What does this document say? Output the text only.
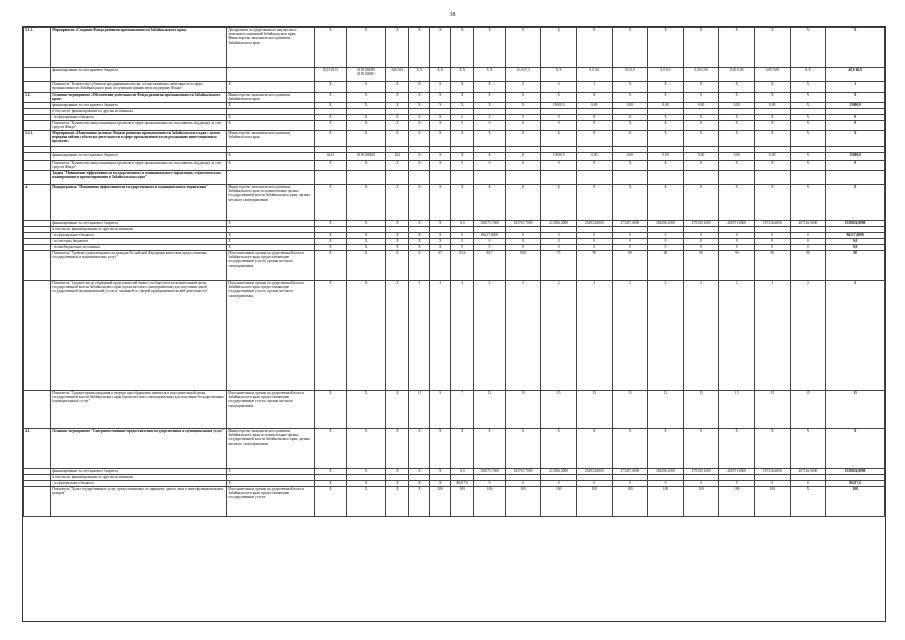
38
3.1.1.	Мероприятие «Создание Фонда развития промышленности Забайкальского края»	Департамент государственного имущества и земельных отношений Забайкальского края; Министерство экономического развития Забайкальского края	X	X	X	X	X	X	X	X	X	X	X	X	X	X	X	X	X
	финансирование за счет краевого бюджета		0113 0113	0150106090 0150106091	630 633	X X	X X	X X	X X	13,0 67,3	X X	0,0 0,0	0,0 0,0	0,0 0,0	0,00 0,00	0,00 0,00	0,00 0,00	X X	40,0 40,0
	Показатель "Количество субъектов предпринимательства, осуществляющих деятельность в сфере промышленности Забайкальского края, получивших финансовую поддержку Фонда"	X	X	X	X	X	X	X	X	0	0	1	X	X	X	X	X	X	1
3.2.	Основное мероприятие «Обеспечение деятельности Фонда развития промышленности Забайкальского края»	Министерство экономического развития Забайкальского края	X	X	X	X	X	X	X	X	X	X	X	X	X	X	X	X	X
	финансирование за счет краевого бюджета	X	X	X	X	X	X	X	X	X	15000,0	0,00	0,00	0,00	0,00	0,00	0,00	X	15000,0
	в том числе: финансирование по другим источникам																		
	- из федерального бюджета	X	X	X	X	X	X	0	0	0	0	X	X	X	X	X	X	X	0
	Показатель "Количество инвестиционных проектов в сфере промышленности, получивших поддержку за счет средств Фонда"	X	X	X	X	X	X	0	0	0	0	X	X	X	X	X	X	X	0
3.2.1.	Мероприятие «Наполнение целевых Фондов развития промышленности Забайкальского края с целью передачи займов субъектам деятельности в сфере промышленности на реализацию инвестиционных проектов»	Министерство экономического развития Забайкальского края	X	X	X	X	X	X	X	X	X	X	X	X	X	X	X	X	X

	финансирование за счет краевого бюджета	X	0412	0150106820	632	X	X	X	X	X	15000,0	0,00	0,00	0,00	0,00	0,00	0,00	X	15000,0
	Показатель "Количество инвестиционных проектов в сфере промышленности, получивших поддержку за счет средств Фонда"	X	X	X	X	X	X	0	0	0	0	X	X	X	X	X	X	X	0
	Задача "Повышение эффективности государственного и муниципального управления, стратегического планирования и прогнозирования в Забайкальском крае"																		
4.	Подпрограмма "Повышение эффективности государственного и муниципального управления"	Министерство экономического развития Забайкальского края, исполнительные органы государственной власти Забайкальского края, органы местного самоуправления	X	X	X	X	X	X	X	X	X	X	X	X	X	X	X	X	X
	финансирование за счет краевого бюджета	X	X	X	X	X	X	0,0	184575,7000	183767,7000	213586,0000	234934,8000	273457,0000	304496,1000	279350,1000	266791,8000	187316,6000	267146,9000	2338656,0000
	в том числе: финансирование по другим источникам																		
	- из федерального бюджета	X	X	X	X	X	X	0	86217,6000	0	0	0	0	0	0	0	0	0	86217,6000
	- из местных бюджетов	X	X	X	X	X	X	0	0	0	0	0	0	0	0	0	0	0	0,0
	- из внебюджетных источников	X	X	X	X	X	X	0	0	0	0	0	0	0	0	0	0	0	0,0
	Показатель "Уровень удовлетворенности граждан Российской Федерации качеством предоставления государственных и муниципальных услуг"	Исполнительные органы государственной власти Забайкальского края, предоставляющие государственные услуги, органы местного самоуправления	X	X	X	X	67	83,6	90,7	90,0	73	90	90	90	90	90	90	90	90
	Показатель "Среднее число обращений представителей бизнес-сообщества в исполнительный орган государственной власти Забайкальского края (орган местного самоуправления) для получения одной государственной (муниципальной) услуги, связанной со сферой предпринимательской деятельности"	Исполнительные органы государственной власти Забайкальского края, предоставляющие государственные услуги, органы местного самоуправления	X	X	X	3	3	2	2	2	2	2	2	2	2	2	2	2	2
	Показатель "Среднее время ожидания в очереди при обращении заявителя в исполнительный орган государственной власти Забайкальского края (орган местного самоуправления) для получения государственных (муниципальных) услуг"	Исполнительные органы государственной власти Забайкальского края, предоставляющие государственные услуги, органы местного самоуправления	X	X	X	11	9	7	15	15	15	15	15	15	15	15	15	15	15
4.1.	Основное мероприятие "Совершенствование предоставления государственных и муниципальных услуг"	Министерство экономического развития Забайкальского края, исполнительные органы государственной власти Забайкальского края, органы местного самоуправления	X	X	X	X	X	X	X	X	X	X	X	X	X	X	X	X	X
	финансирование за счет краевого бюджета	X	X	X	X	X	X	0,0	184575,7000	183767,7000	213586,0000	234934,8000	273457,0000	304496,1000	279350,1000	266791,8000	187316,6000	267146,9000	2338656,0000
	в том числе: финансирование по другим источникам																		
	- из федерального бюджета	X	X	X	X	X	X	86217,6	0	0	0	0	0	0	0	0	0	0	86217,6
	Показатель "Доля государственных услуг, предоставляемых по принципу одного окна в многофункциональных центрах"	Исполнительные органы государственной власти Забайкальского края, предоставляющие государственные услуги	X	X	X	X	100	100	100	100	100	100	100	100	100	100	100	X	100
